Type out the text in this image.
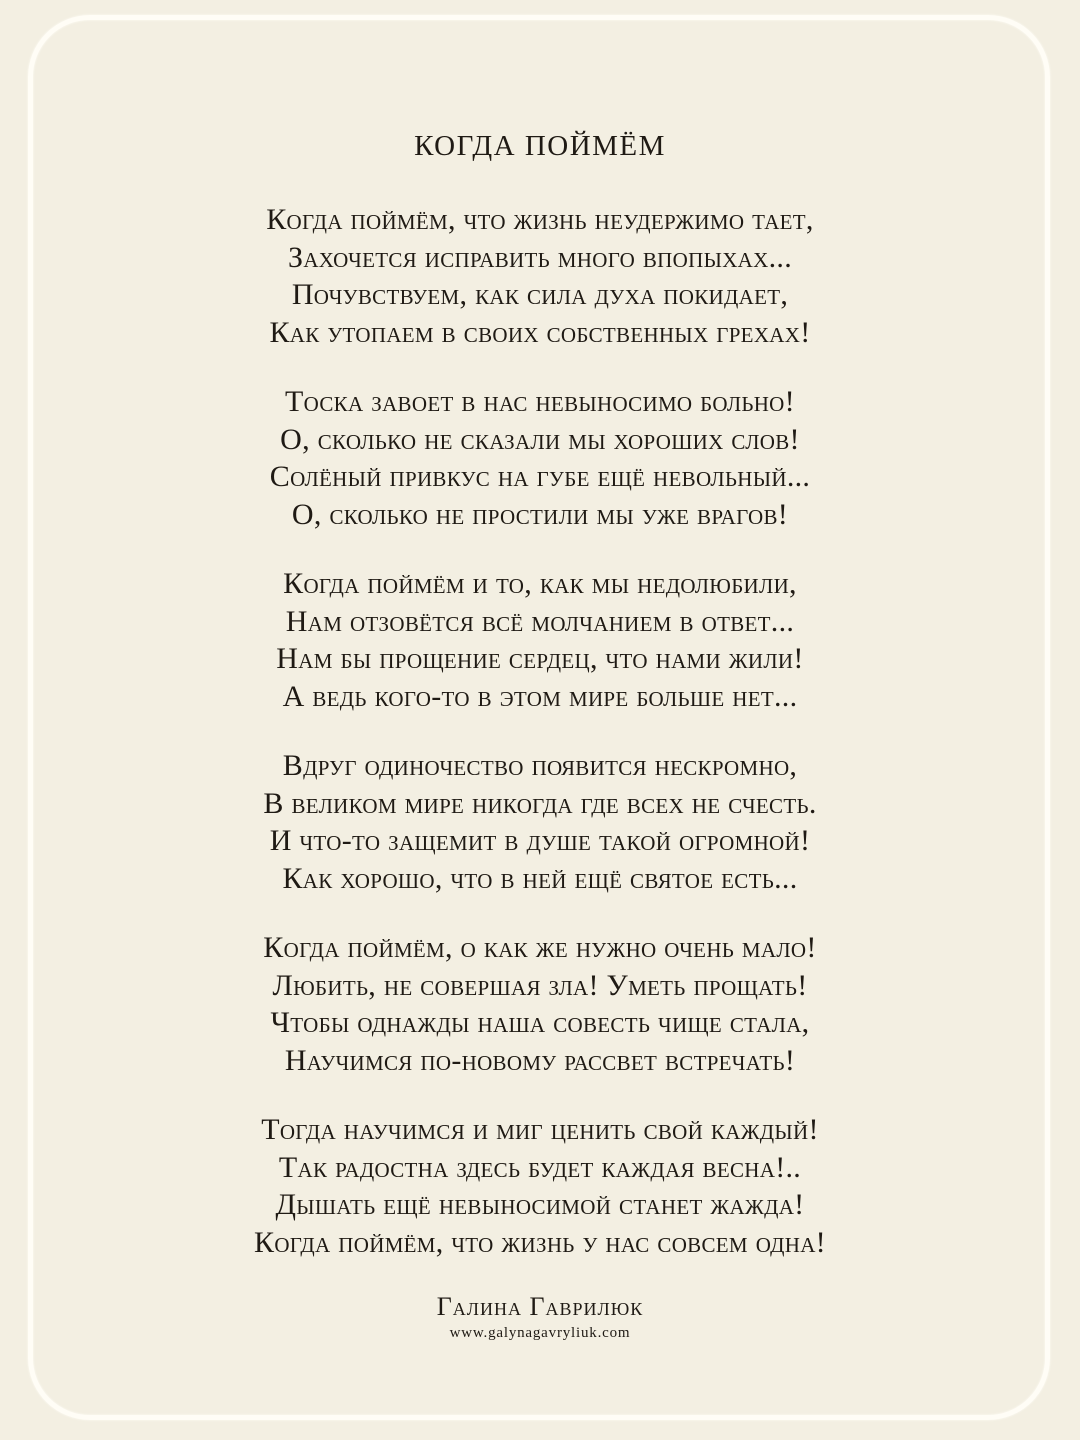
КОГДА ПОЙМЁМ

Когда поймём, что жизнь неудержимо тает,

Захочется исправить много впопыхах...

Почувствуем, как сила духа покидает,

Как утопаем в своих собственных грехах!

Тоска завоет в нас невыносимо больно!

О, сколько не сказали мы хороших слов!

Солёный привкус на губе ещё невольный...

О, сколько не простили мы уже врагов!

Когда поймём и то, как мы недолюбили,

Нам отзовётся всё молчанием в ответ...

Нам бы прощение сердец, что нами жили!

А ведь кого-то в этом мире больше нет...

Вдруг одиночество появится нескромно,

В великом мире никогда где всех не счесть.

И что-то защемит в душе такой огромной!

Как хорошо, что в ней ещё святое есть...

Когда поймём, о как же нужно очень мало!

Любить, не совершая зла! Уметь прощать!

Чтобы однажды наша совесть чище стала,

Научимся по-новому рассвет встречать!

Тогда научимся и миг ценить свой каждый!

Так радостна здесь будет каждая весна!..

Дышать ещё невыносимой станет жажда!

Когда поймём, что жизнь у нас совсем одна!

Галина Гаврилюк

www.galynagavryliuk.com
